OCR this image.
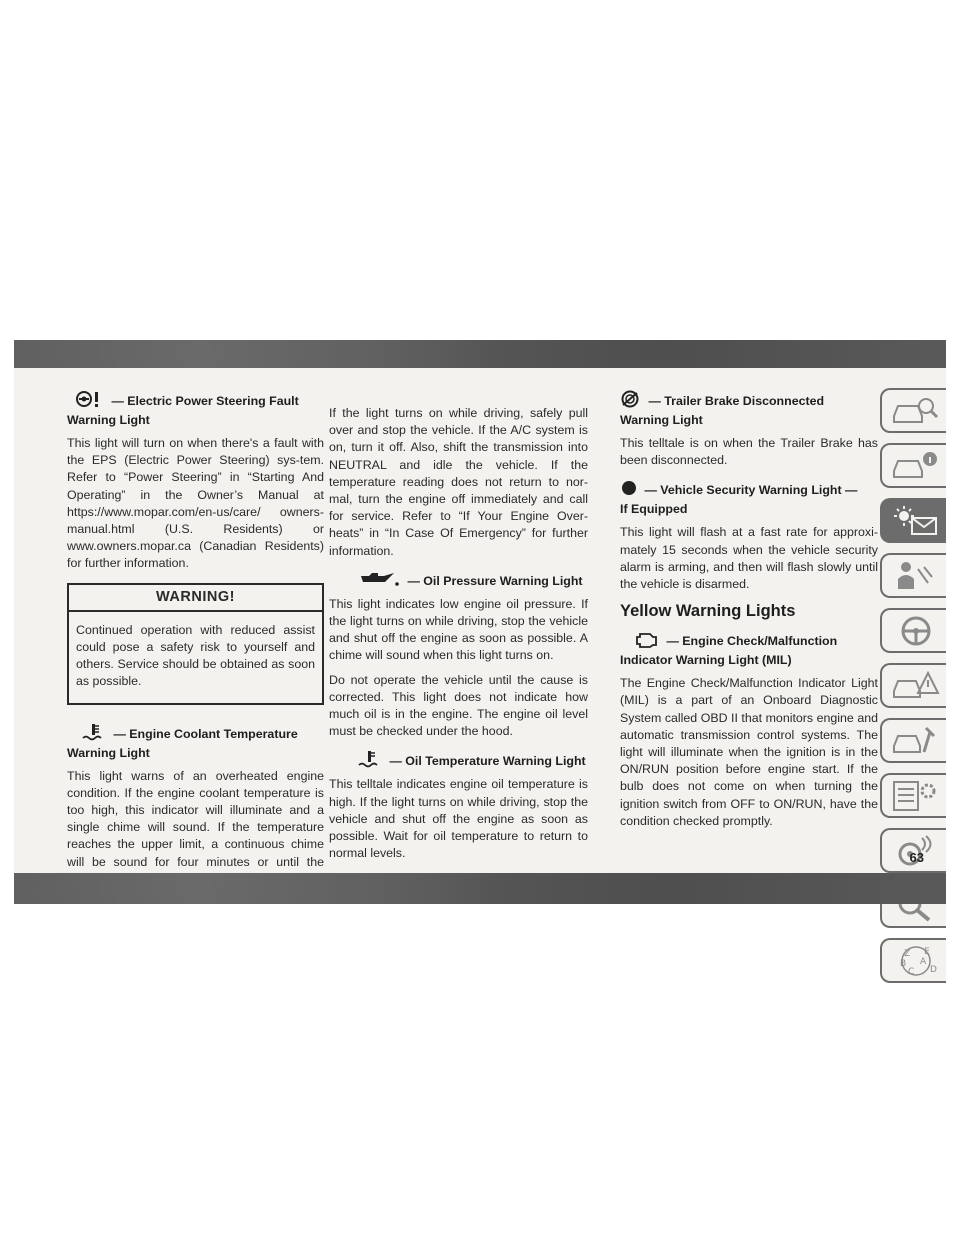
— Electric Power Steering Fault
Warning Light

This light will turn on when there's a fault with the EPS (Electric Power Steering) sys-tem. Refer to “Power Steering” in “Starting And Operating” in the Owner’s Manual at https://www.mopar.com/en-us/care/ owners-manual.html (U.S. Residents) or www.owners.mopar.ca (Canadian Residents) for further information.

WARNING!
Continued operation with reduced assist could pose a safety risk to yourself and others. Service should be obtained as soon as possible.
— Engine Coolant Temperature
Warning Light

This light warns of an overheated engine condition. If the engine coolant temperature is too high, this indicator will illuminate and a single chime will sound. If the temperature reaches the upper limit, a continuous chime will be sound for four minutes or until the

If the light turns on while driving, safely pull over and stop the vehicle. If the A/C system is on, turn it off. Also, shift the transmission into NEUTRAL and idle the vehicle. If the temperature reading does not return to nor-mal, turn the engine off immediately and call for service. Refer to “If Your Engine Over-heats” in “In Case Of Emergency” for further information.

— Oil Pressure Warning Light

This light indicates low engine oil pressure. If the light turns on while driving, stop the vehicle and shut off the engine as soon as possible. A chime will sound when this light turns on.

Do not operate the vehicle until the cause is corrected. This light does not indicate how much oil is in the engine. The engine oil level must be checked under the hood.

— Oil Temperature Warning Light

This telltale indicates engine oil temperature is high. If the light turns on while driving, stop the vehicle and shut off the engine as soon as possible. Wait for oil temperature to return to normal levels.

— Trailer Brake Disconnected
Warning Light

This telltale is on when the Trailer Brake has been disconnected.

— Vehicle Security Warning Light —
If Equipped

This light will flash at a fast rate for approxi-mately 15 seconds when the vehicle security alarm is arming, and then will flash slowly until the vehicle is disarmed.

Yellow Warning Lights
— Engine Check/Malfunction
Indicator Warning Light (MIL)

The Engine Check/Malfunction Indicator Light (MIL) is a part of an Onboard Diagnostic System called OBD II that monitors engine and automatic transmission control systems. The light will illuminate when the ignition is in the ON/RUN position before engine start. If the bulb does not come on when turning the ignition switch from OFF to ON/RUN, have the condition checked promptly.

Z E
B A
C D
63
